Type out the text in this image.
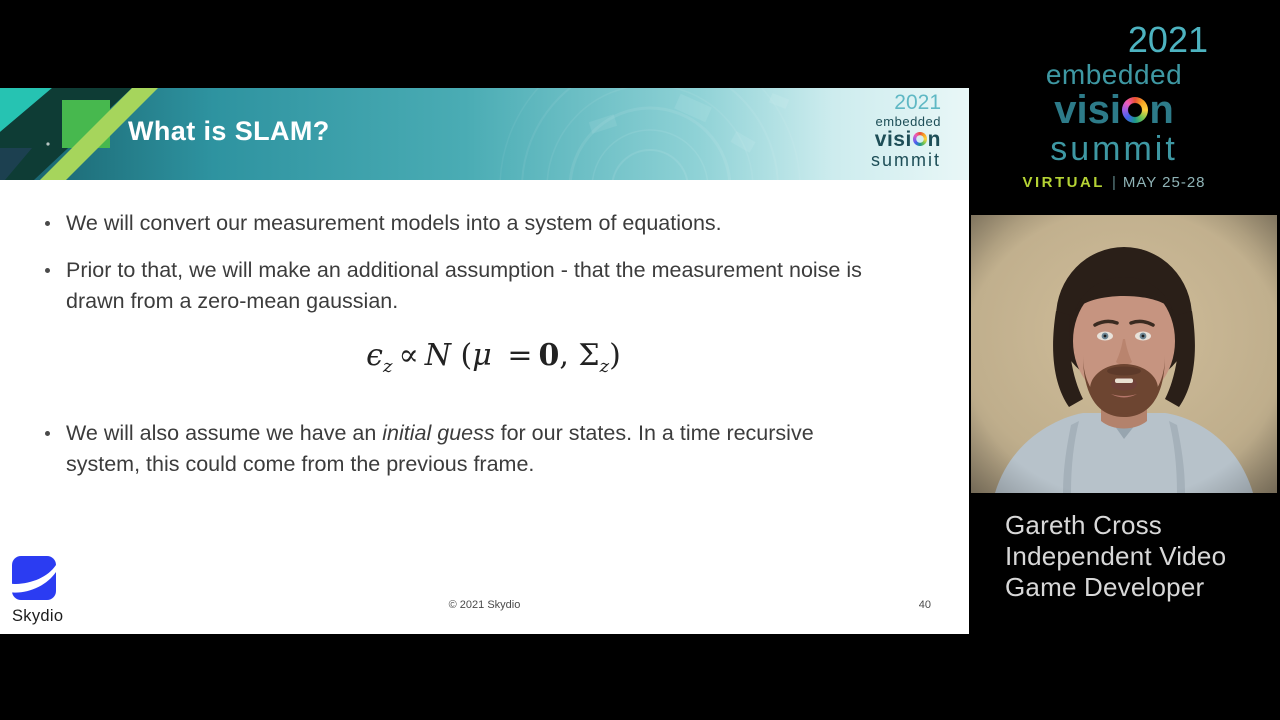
What is SLAM?
2021
embedded
visi n
summit
We will convert our measurement models into a system of equations.
Prior to that, we will make an additional assumption - that the measurement noise is drawn from a zero-mean gaussian.
$\epsilon_z \propto N$ (μ = 0, $\Sigma_z$)
We will also assume we have an initial guess for our states. In a time recursive system, this could come from the previous frame.
© 2021 Skydio	40
Skydio
2021
embedded
visi n
summit
VIRTUAL | MAY 25-28
Gareth Cross
Independent Video
Game Developer
